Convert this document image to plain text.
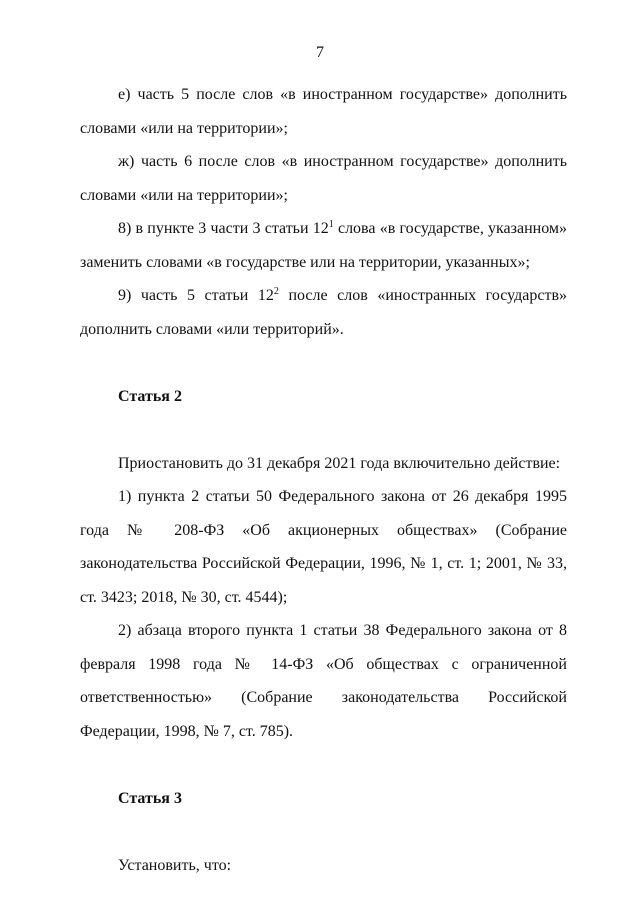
7

е) часть 5 после слов «в иностранном государстве» дополнить словами «или на территории»;

ж) часть 6 после слов «в иностранном государстве» дополнить словами «или на территории»;

8) в пункте 3 части 3 статьи $12^1$ слова «в государстве, указанном» заменить словами «в государстве или на территории, указанных»;

9) часть 5 статьи $12^2$ после слов «иностранных государств» дополнить словами «или территорий».

Статья 2

Приостановить до 31 декабря 2021 года включительно действие:

1) пункта 2 статьи 50 Федерального закона от 26 декабря 1995 года № 208-ФЗ «Об акционерных обществах» (Собрание законодательства Российской Федерации, 1996, № 1, ст. 1; 2001, № 33, ст. 3423; 2018, № 30, ст. 4544);

2) абзаца второго пункта 1 статьи 38 Федерального закона от 8 февраля 1998 года № 14-ФЗ «Об обществах с ограниченной ответственностью» (Собрание законодательства Российской Федерации, 1998, № 7, ст. 785).

Статья 3

Установить, что:
